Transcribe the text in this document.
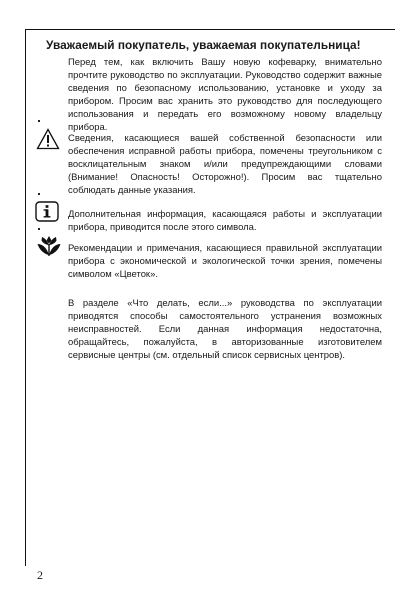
Уважаемый покупатель, уважаемая покупательница!
Перед тем, как включить Вашу новую кофеварку, внимательно прочтите руководство по эксплуатации. Руководство содержит важные сведения по безопасному использованию, установке и уходу за прибором. Просим вас хранить это руководство для последующего использования и передать его возможному новому владельцу прибора.
Сведения, касающиеся вашей собственной безопасности или обеспечения исправной работы прибора, помечены треугольником с восклицательным знаком и/или предупреждающими словами (Внимание! Опасность! Осторожно!). Просим вас тщательно соблюдать данные указания.
Дополнительная информация, касающаяся работы и эксплуатации прибора, приводится после этого символа.
Рекомендации и примечания, касающиеся правильной эксплуатации прибора с экономической и экологической точки зрения, помечены символом «Цветок».
В разделе «Что делать, если...» руководства по эксплуатации приводятся способы самостоятельного устранения возможных неисправностей. Если данная информация недостаточна, обращайтесь, пожалуйста, в авторизованные изготовителем сервисные центры (см. отдельный список сервисных центров).
2
